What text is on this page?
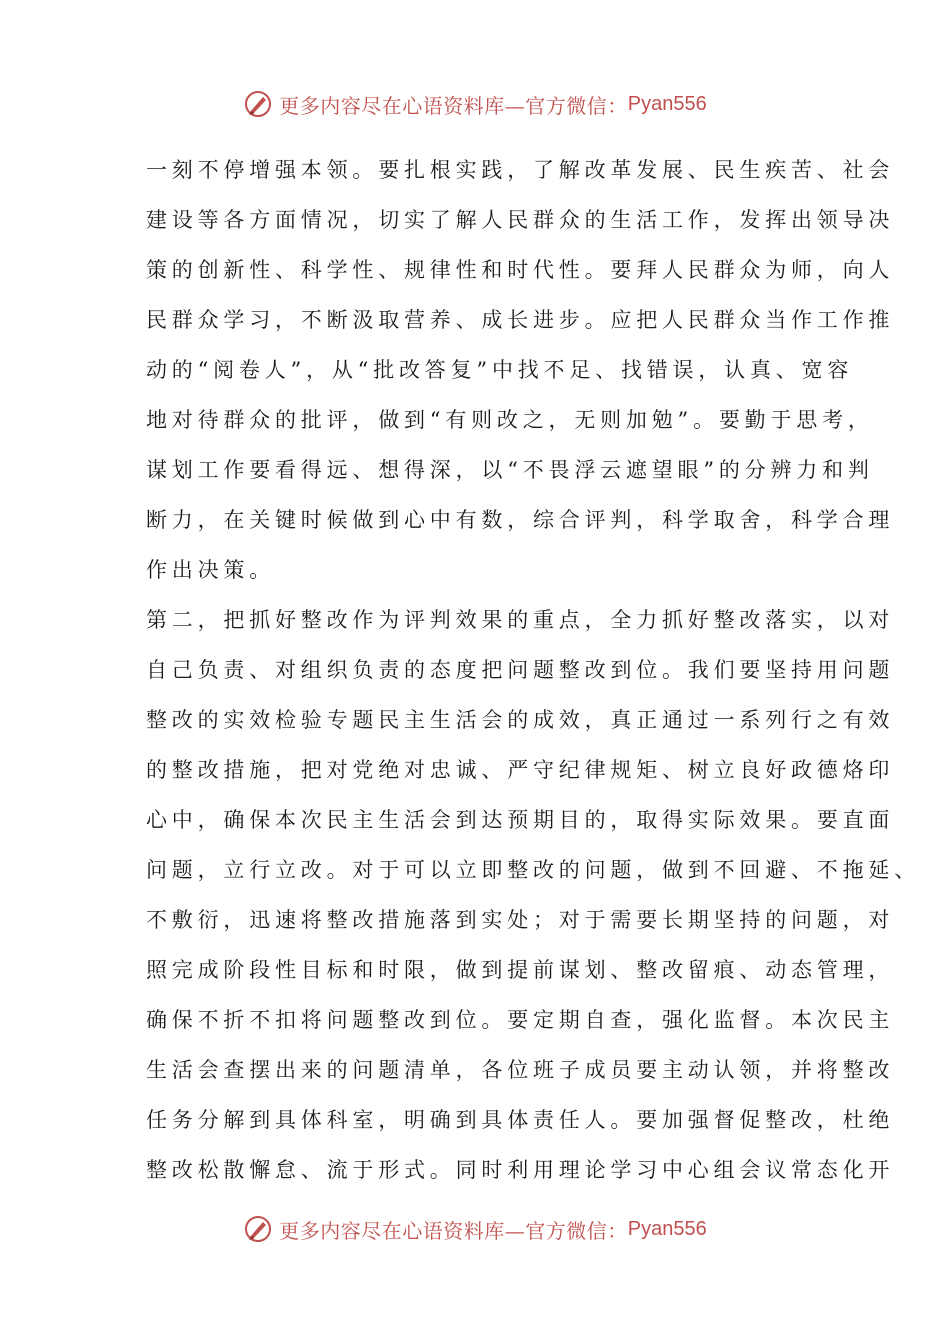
更多内容尽在心语资料库—官方微信： Pyan556
一刻不停增强本领。要扎根实践，了解改革发展、民生疾苦、社会
建设等各方面情况，切实了解人民群众的生活工作，发挥出领导决
策的创新性、科学性、规律性和时代性。要拜人民群众为师，向人
民群众学习，不断汲取营养、成长进步。应把人民群众当作工作推
动的“阅卷人”，从“批改答复”中找不足、找错误，认真、宽容
地对待群众的批评，做到“有则改之，无则加勉”。要勤于思考，
谋划工作要看得远、想得深，以“不畏浮云遮望眼”的分辨力和判
断力，在关键时候做到心中有数，综合评判，科学取舍，科学合理
作出决策。
第二，把抓好整改作为评判效果的重点，全力抓好整改落实，以对
自己负责、对组织负责的态度把问题整改到位。我们要坚持用问题
整改的实效检验专题民主生活会的成效，真正通过一系列行之有效
的整改措施，把对党绝对忠诚、严守纪律规矩、树立良好政德烙印
心中，确保本次民主生活会到达预期目的，取得实际效果。要直面
问题，立行立改。对于可以立即整改的问题，做到不回避、不拖延、
不敷衍，迅速将整改措施落到实处；对于需要长期坚持的问题，对
照完成阶段性目标和时限，做到提前谋划、整改留痕、动态管理，
确保不折不扣将问题整改到位。要定期自查，强化监督。本次民主
生活会查摆出来的问题清单，各位班子成员要主动认领，并将整改
任务分解到具体科室，明确到具体责任人。要加强督促整改，杜绝
整改松散懈怠、流于形式。同时利用理论学习中心组会议常态化开
更多内容尽在心语资料库—官方微信： Pyan556
